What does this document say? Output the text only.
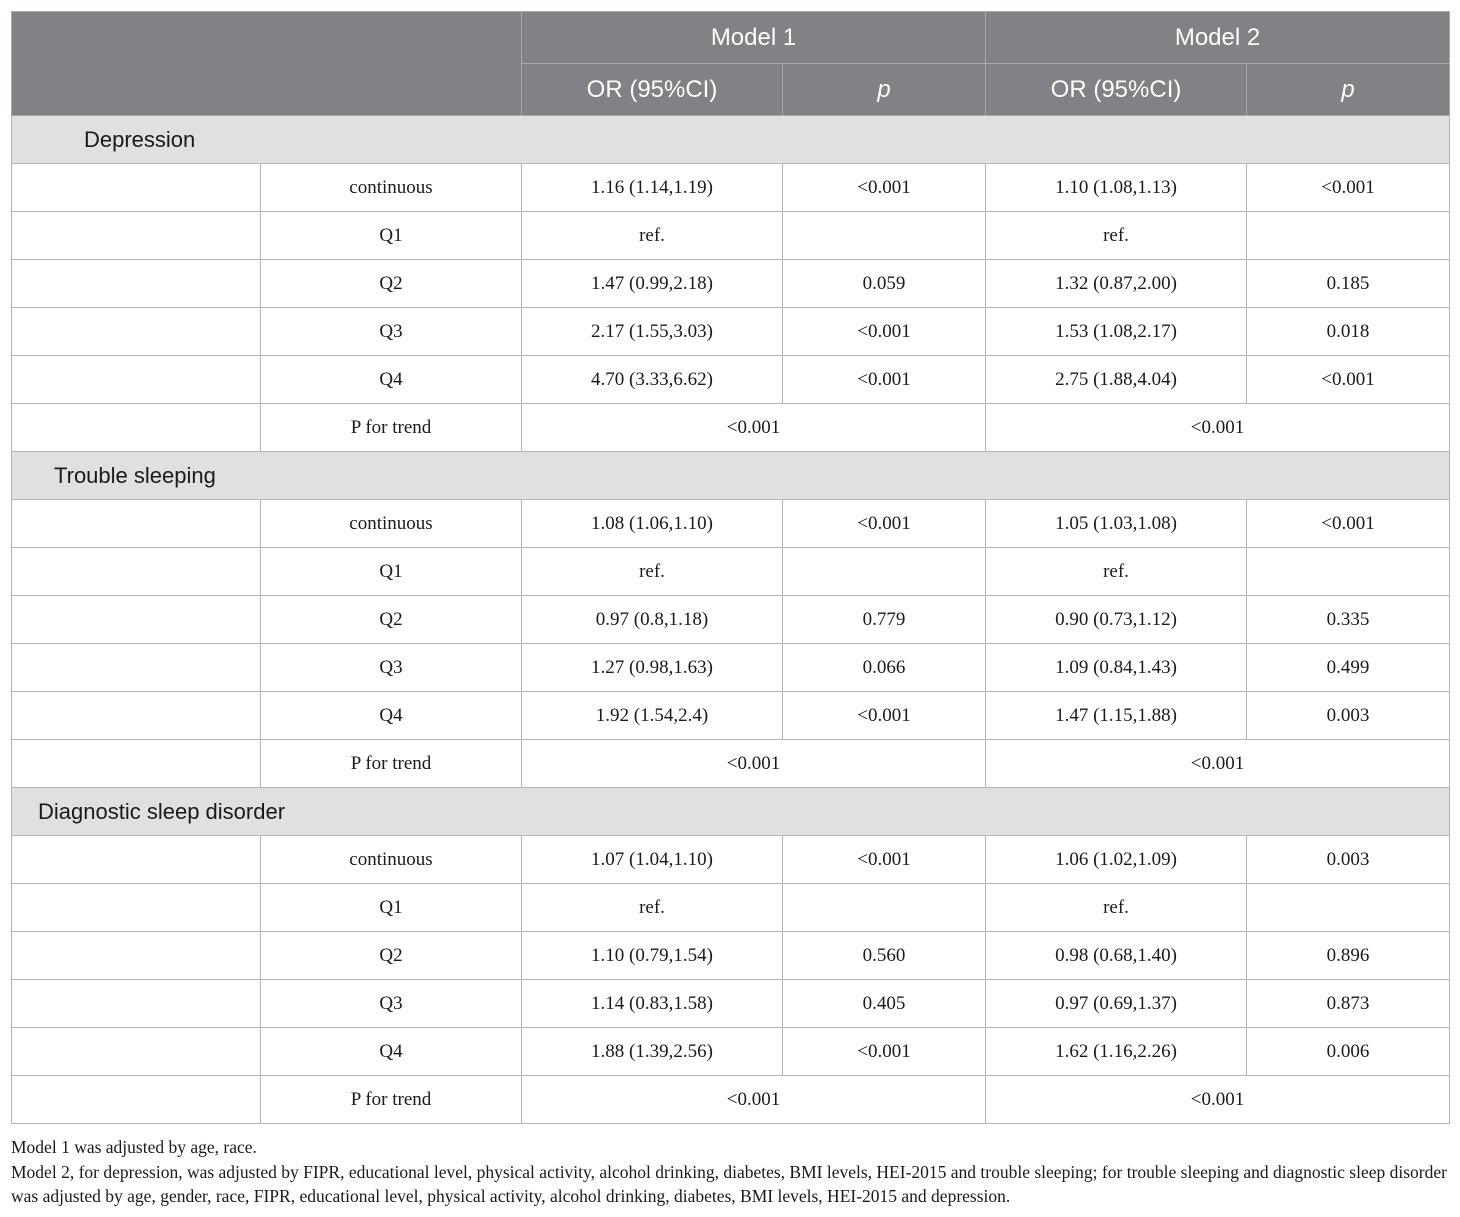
		Model 1		Model 2	
		OR (95%CI)	p	OR (95%CI)	p
Depression					
	continuous	1.16 (1.14,1.19)	<0.001	1.10 (1.08,1.13)	<0.001
	Q1	ref.		ref.	
	Q2	1.47 (0.99,2.18)	0.059	1.32 (0.87,2.00)	0.185
	Q3	2.17 (1.55,3.03)	<0.001	1.53 (1.08,2.17)	0.018
	Q4	4.70 (3.33,6.62)	<0.001	2.75 (1.88,4.04)	<0.001
	P for trend	<0.001		<0.001	
Trouble sleeping					
	continuous	1.08 (1.06,1.10)	<0.001	1.05 (1.03,1.08)	<0.001
	Q1	ref.		ref.	
	Q2	0.97 (0.8,1.18)	0.779	0.90 (0.73,1.12)	0.335
	Q3	1.27 (0.98,1.63)	0.066	1.09 (0.84,1.43)	0.499
	Q4	1.92 (1.54,2.4)	<0.001	1.47 (1.15,1.88)	0.003
	P for trend	<0.001		<0.001	
Diagnostic sleep disorder					
	continuous	1.07 (1.04,1.10)	<0.001	1.06 (1.02,1.09)	0.003
	Q1	ref.		ref.	
	Q2	1.10 (0.79,1.54)	0.560	0.98 (0.68,1.40)	0.896
	Q3	1.14 (0.83,1.58)	0.405	0.97 (0.69,1.37)	0.873
	Q4	1.88 (1.39,2.56)	<0.001	1.62 (1.16,2.26)	0.006
	P for trend	<0.001		<0.001	

Model 1 was adjusted by age, race.

Model 2, for depression, was adjusted by FIPR, educational level, physical activity, alcohol drinking, diabetes, BMI levels, HEI-2015 and trouble sleeping; for trouble sleeping and diagnostic sleep disorder was adjusted by age, gender, race, FIPR, educational level, physical activity, alcohol drinking, diabetes, BMI levels, HEI-2015 and depression.
